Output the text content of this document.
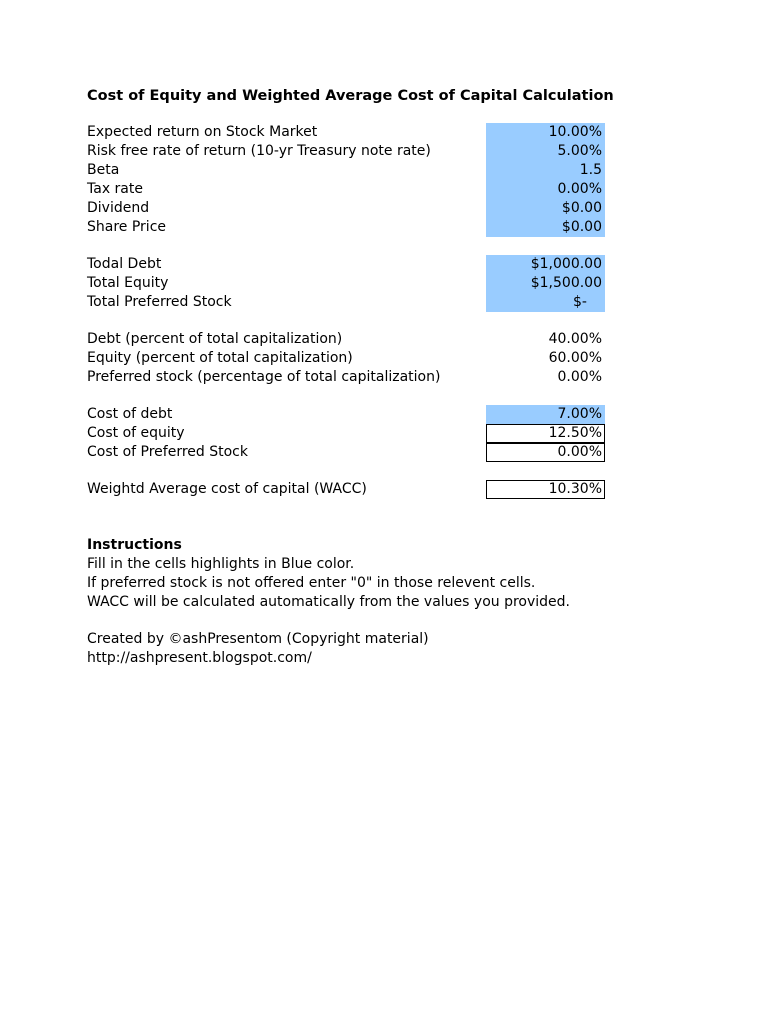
Cost of Equity and Weighted Average Cost of Capital Calculation
Expected return on Stock Market	10.00%
Risk free rate of return (10-yr Treasury note rate)	5.00%
Beta	1.5
Tax rate	0.00%
Dividend	$0.00
Share Price	$0.00
Todal Debt	$1,000.00
Total Equity	$1,500.00
Total Preferred Stock	$-
Debt (percent of total capitalization)	40.00%
Equity (percent of total capitalization)	60.00%
Preferred stock (percentage of total capitalization)	0.00%
Cost of debt	7.00%
Cost of equity	12.50%
Cost of Preferred Stock	0.00%
Weightd Average cost of capital (WACC)	10.30%
Instructions
Fill in the cells highlights in Blue color.
If preferred stock is not offered enter "0" in those relevent cells.
WACC will be calculated automatically from the values you provided.
Created by ©ashPresentom (Copyright material)
http://ashpresent.blogspot.com/
